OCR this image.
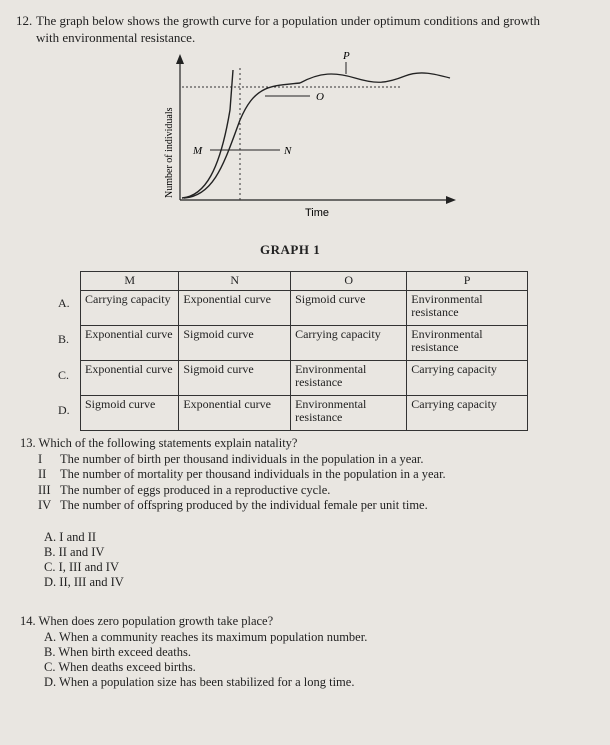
12. The graph below shows the growth curve for a population under optimum conditions and growth
with environmental resistance.
O
M	N
P
Number of individuals
Time
GRAPH 1
A.
B.
C.
D.
M	N	O	P
Carrying capacity	Exponential curve	Sigmoid curve	Environmental resistance
Exponential curve	Sigmoid curve	Carrying capacity	Environmental resistance
Exponential curve	Sigmoid curve	Environmental resistance	Carrying capacity
Sigmoid curve	Exponential curve	Environmental resistance	Carrying capacity
13. Which of the following statements explain natality?
I	The number of birth per thousand individuals in the population in a year.
II	The number of mortality per thousand individuals in the population in a year.
III The number of eggs produced in a reproductive cycle.
IV The number of offspring produced by the individual female per unit time.
A. I and II
B. II and IV
C. I, III and IV
D. II, III and IV
14. When does zero population growth take place?
A. When a community reaches its maximum population number.
B. When birth exceed deaths.
C. When deaths exceed births.
D. When a population size has been stabilized for a long time.
